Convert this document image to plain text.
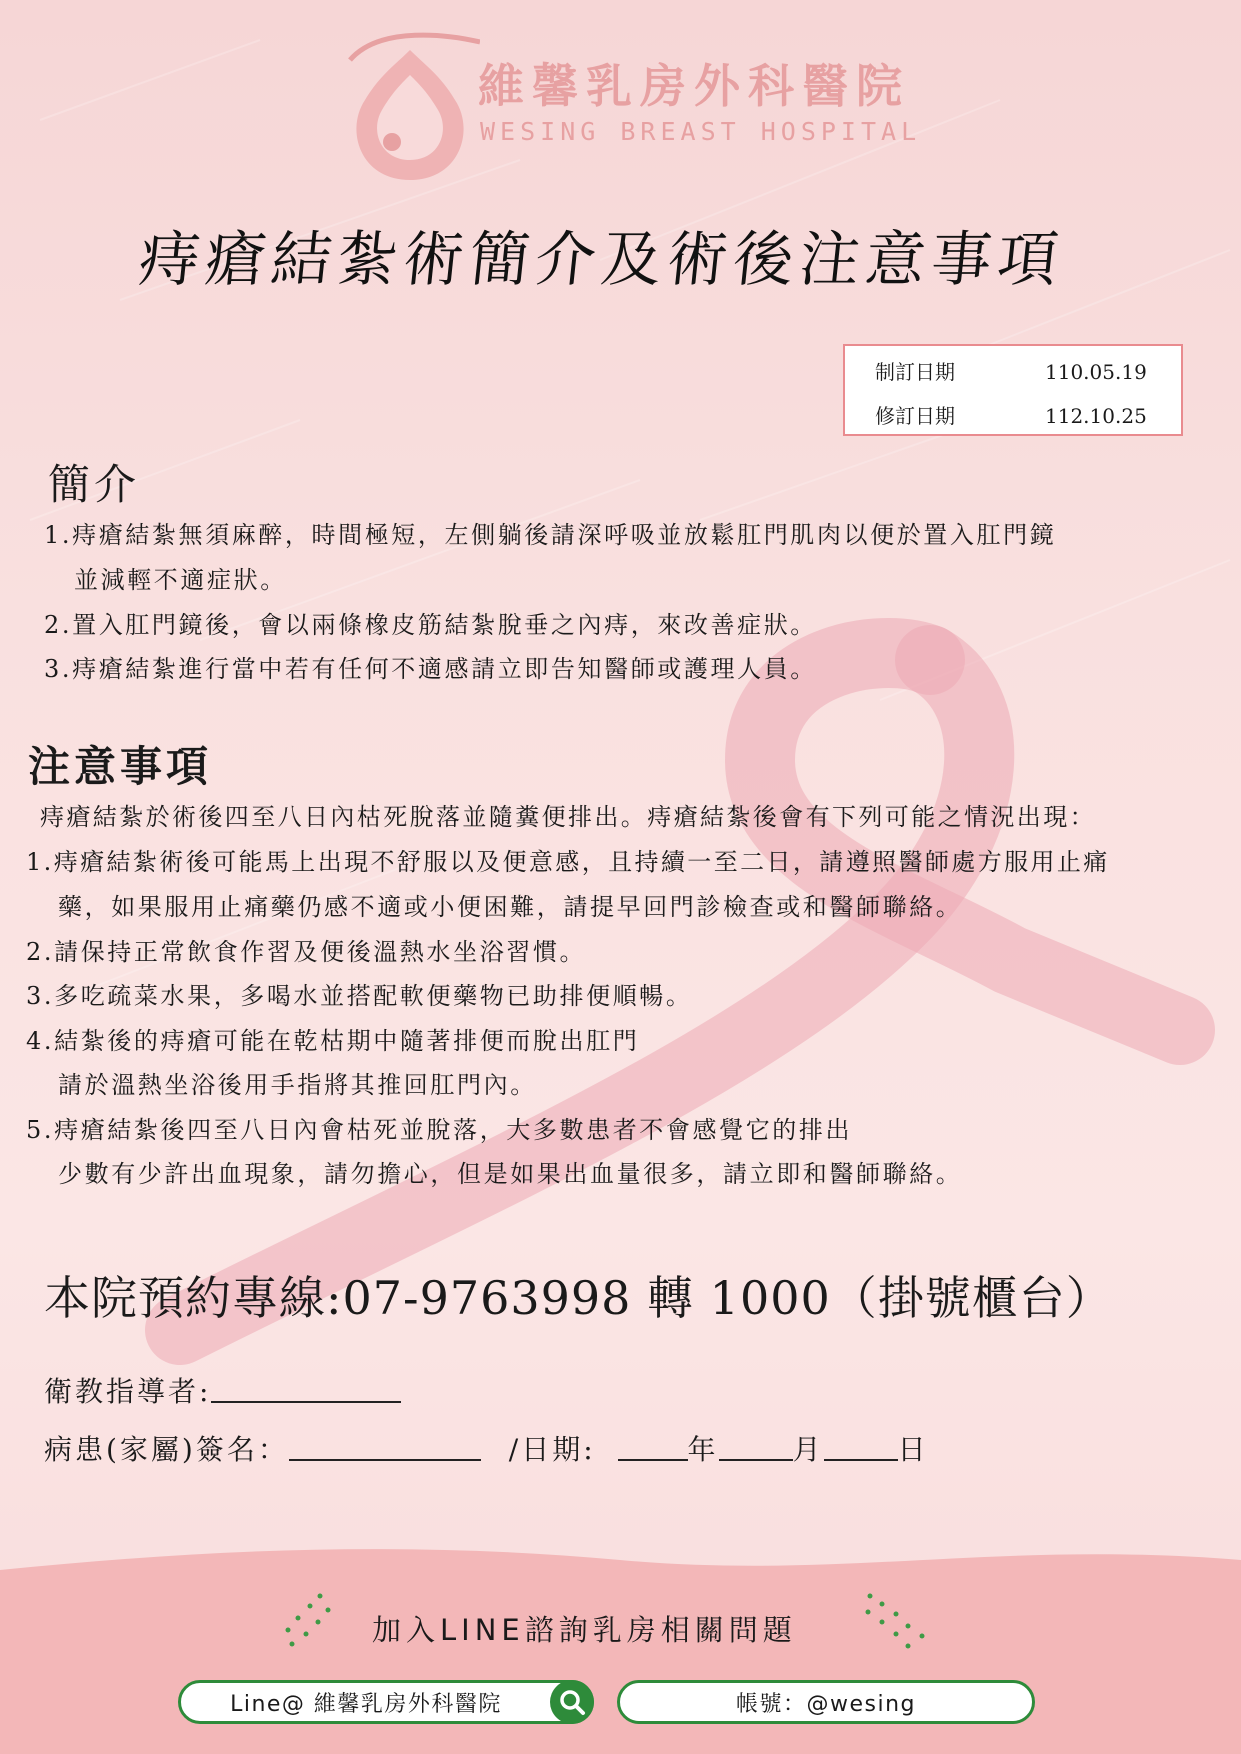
維馨乳房外科醫院
WESING BREAST HOSPITAL
痔瘡結紮術簡介及術後注意事項
制訂日期	110.05.19
修訂日期	112.10.25
簡介
1.痔瘡結紮無須麻醉，時間極短，左側躺後請深呼吸並放鬆肛門肌肉以便於置入肛門鏡
並減輕不適症狀。
2.置入肛門鏡後，會以兩條橡皮筋結紮脫垂之內痔，來改善症狀。
3.痔瘡結紮進行當中若有任何不適感請立即告知醫師或護理人員。
注意事項
痔瘡結紮於術後四至八日內枯死脫落並隨糞便排出。痔瘡結紮後會有下列可能之情況出現：
1.痔瘡結紮術後可能馬上出現不舒服以及便意感，且持續一至二日，請遵照醫師處方服用止痛
藥，如果服用止痛藥仍感不適或小便困難，請提早回門診檢查或和醫師聯絡。
2.請保持正常飲食作習及便後溫熱水坐浴習慣。
3.多吃疏菜水果，多喝水並搭配軟便藥物已助排便順暢。
4.結紮後的痔瘡可能在乾枯期中隨著排便而脫出肛門
請於溫熱坐浴後用手指將其推回肛門內。
5.痔瘡結紮後四至八日內會枯死並脫落，大多數患者不會感覺它的排出
少數有少許出血現象，請勿擔心，但是如果出血量很多，請立即和醫師聯絡。
本院預約專線:07-9763998 轉 1000（掛號櫃台）
衛教指導者:
病患(家屬)簽名：	/日期:	年	月	日
加入LINE諮詢乳房相關問題
Line@ 維馨乳房外科醫院	帳號：@wesing
